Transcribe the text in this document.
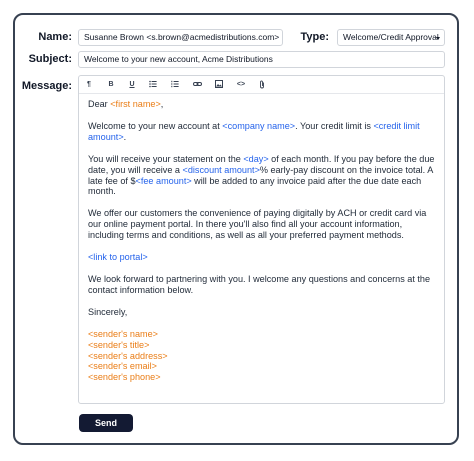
Name:	Susanne Brown <s.brown@acmedistributions.com>	Type:	Welcome/Credit Approval
Subject:	Welcome to your new account, Acme Distributions
Message:	¶	B	U	<>

Dear <first name>,

Welcome to your new account at <company name>. Your credit limit is <credit limit amount>.

You will receive your statement on the <day> of each month. If you pay before the due date, you will receive a <discount amount>% early-pay discount on the invoice total. A late fee of $<fee amount> will be added to any invoice paid after the due date each month.

We offer our customers the convenience of paying digitally by ACH or credit card via our online payment portal. In there you'll also find all your account information, including terms and conditions, as well as all your preferred payment methods.

<link to portal>

We look forward to partnering with you. I welcome any questions and concerns at the contact information below.

Sincerely,

<sender's name>
<sender's title>
<sender's address>
<sender's email>
<sender's phone>
Send
